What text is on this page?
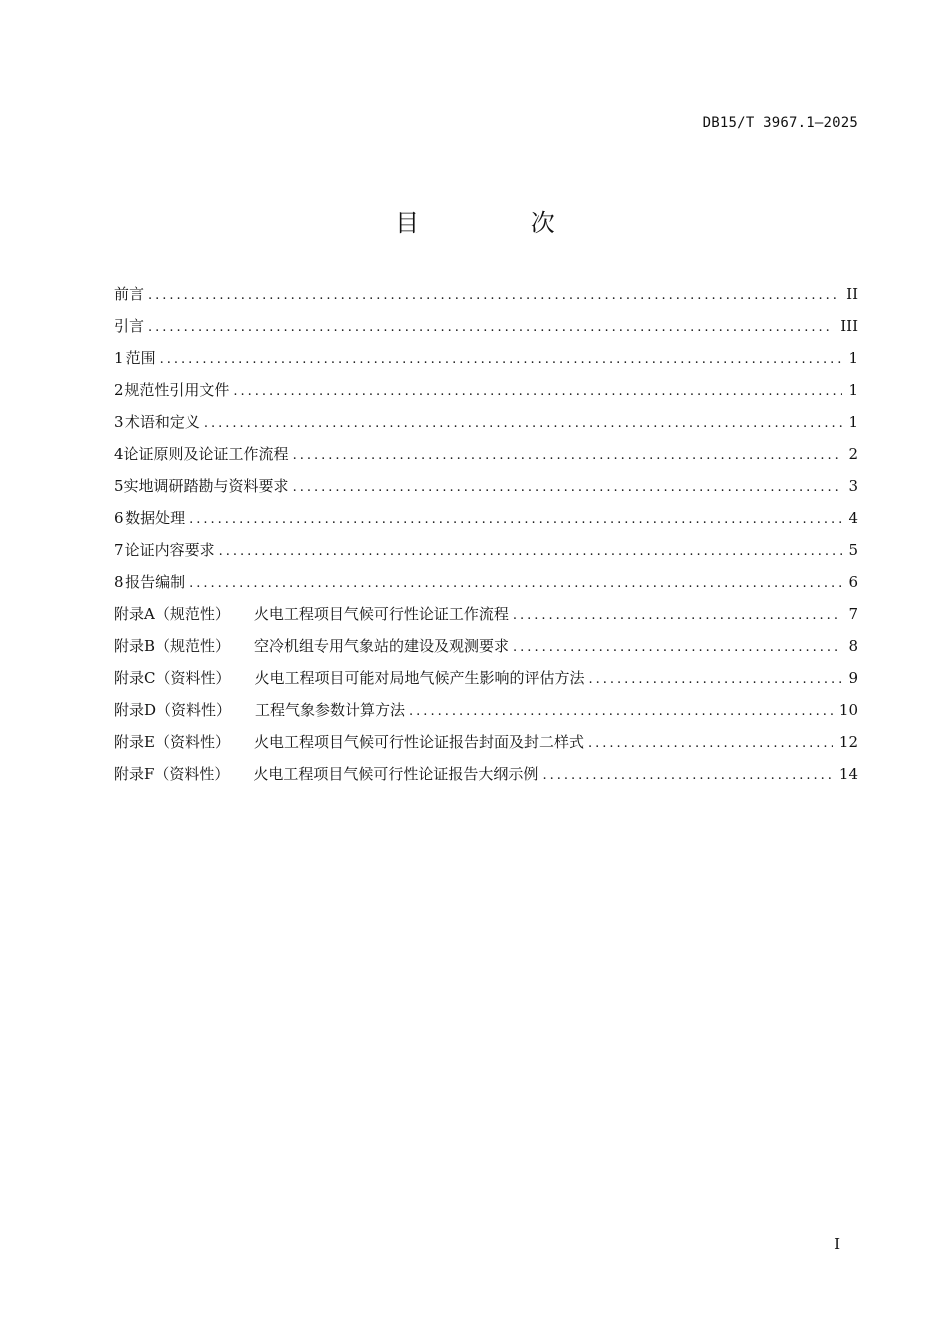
DB15/T 3967.1—2025
目 次
前言 .....	II
引言 .....	III
1 范围 .....	1
2 规范性引用文件 .....	1
3 术语和定义 .....	1
4 论证原则及论证工作流程 .....	2
5 实地调研踏勘与资料要求 .....	3
6 数据处理 .....	4
7 论证内容要求 .....	5
8 报告编制 .....	6
附录A（规范性） 火电工程项目气候可行性论证工作流程 .....	7
附录B（规范性） 空冷机组专用气象站的建设及观测要求 .....	8
附录C（资料性） 火电工程项目可能对局地气候产生影响的评估方法 .....	9
附录D（资料性） 工程气象参数计算方法 .....	10
附录E（资料性） 火电工程项目气候可行性论证报告封面及封二样式 .....	12
附录F（资料性） 火电工程项目气候可行性论证报告大纲示例 .....	14
I
